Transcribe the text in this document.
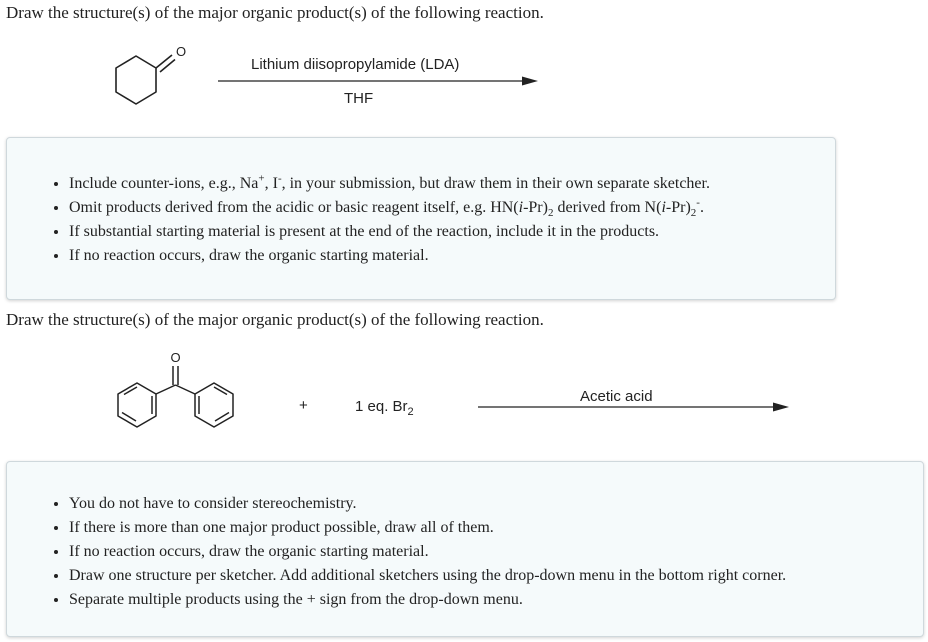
Draw the structure(s) of the major organic product(s) of the following reaction.
O
Lithium diisopropylamide (LDA)
THF
• Include counter-ions, e.g., Na+, I-, in your submission, but draw them in their own separate sketcher.
• Omit products derived from the acidic or basic reagent itself, e.g. $HN(i-Pr)_2$ derived from $N(i-Pr)_2^-$.
• If substantial starting material is present at the end of the reaction, include it in the products.
• If no reaction occurs, draw the organic starting material.
Draw the structure(s) of the major organic product(s) of the following reaction.
O
+	1 eq. $Br_2$
Acetic acid
• You do not have to consider stereochemistry.
• If there is more than one major product possible, draw all of them.
• If no reaction occurs, draw the organic starting material.
• Draw one structure per sketcher. Add additional sketchers using the drop-down menu in the bottom right corner.
• Separate multiple products using the + sign from the drop-down menu.
